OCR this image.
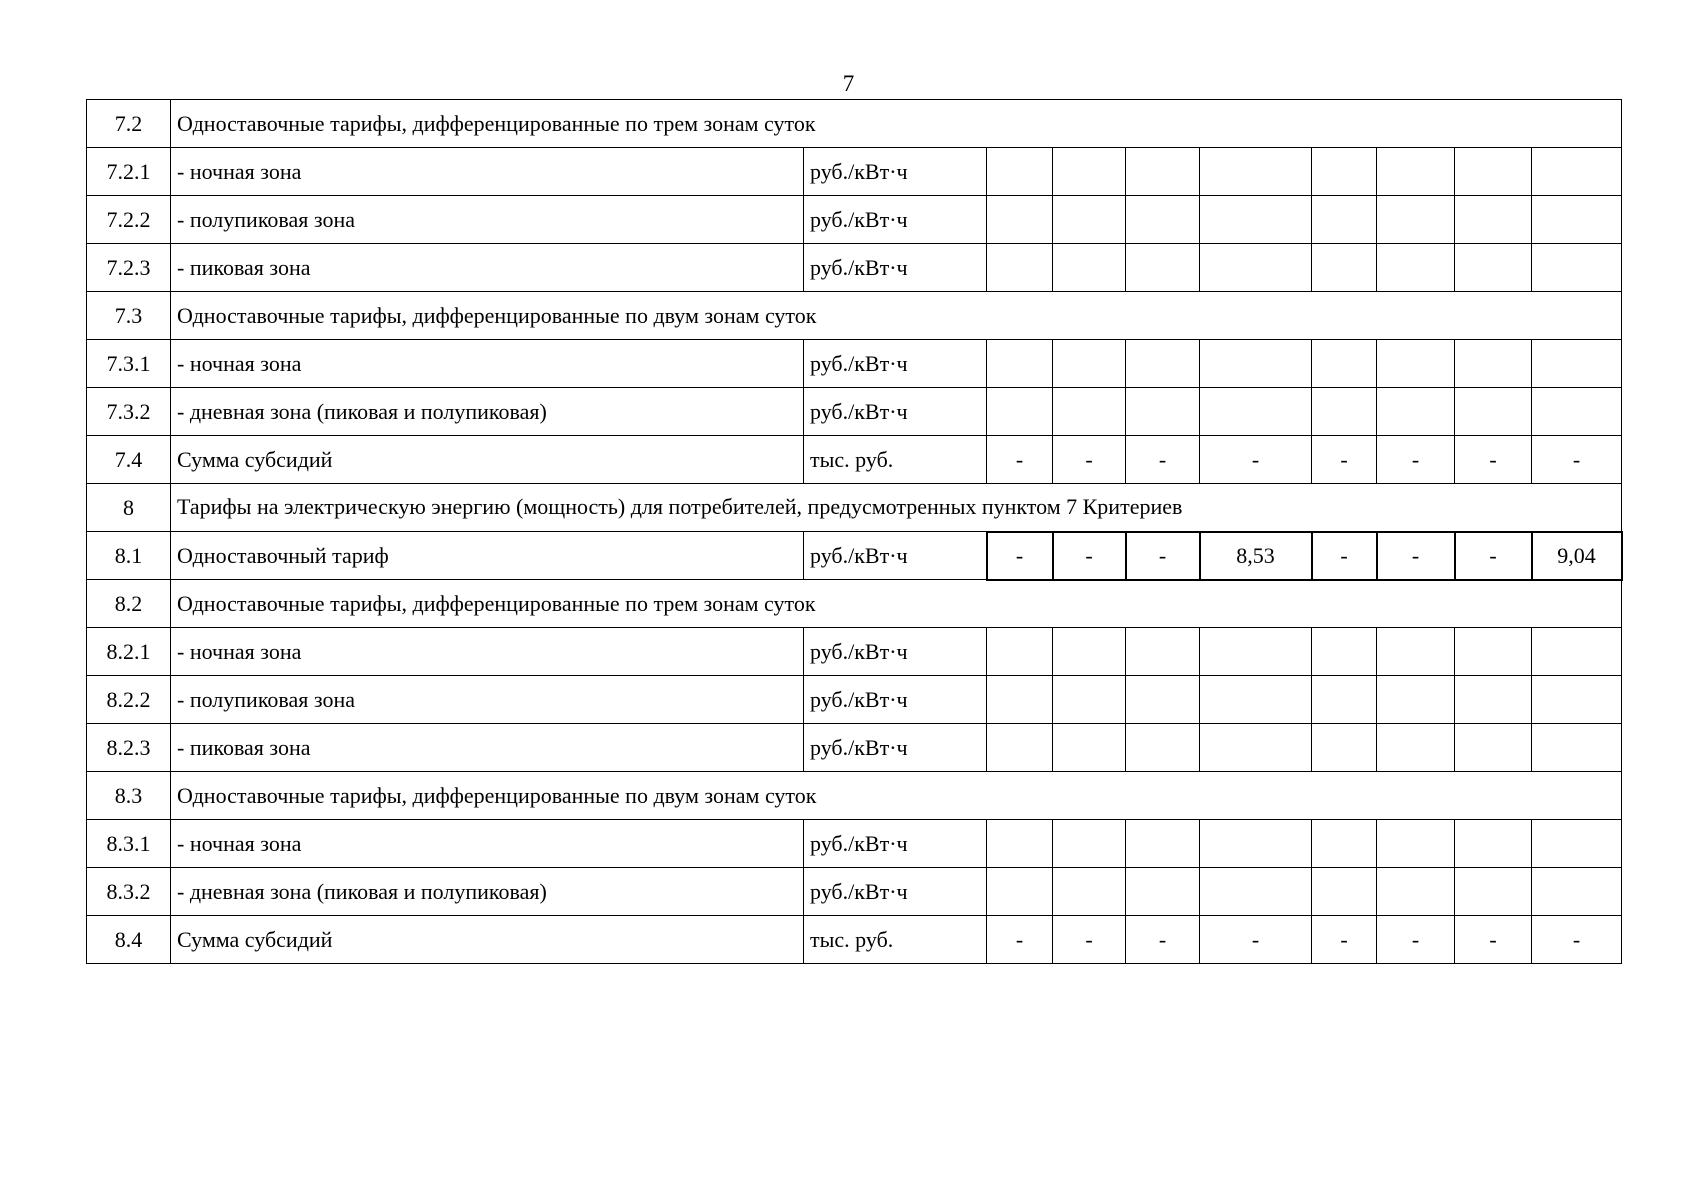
7
7.2	Одноставочные тарифы, дифференцированные по трем зонам суток									
7.2.1	- ночная зона	руб./кВт·ч								
7.2.2	- полупиковая зона	руб./кВт·ч								
7.2.3	- пиковая зона	руб./кВт·ч								
7.3	Одноставочные тарифы, дифференцированные по двум зонам суток									
7.3.1	- ночная зона	руб./кВт·ч								
7.3.2	- дневная зона (пиковая и полупиковая)	руб./кВт·ч								
7.4	Сумма субсидий	тыс. руб.	-	-	-	-	-	-	-	-
8	Тарифы на электрическую энергию (мощность) для потребителей, предусмотренных пунктом 7 Критериев									
8.1	Одноставочный тариф	руб./кВт·ч	-	-	-	8,53	-	-	-	9,04
8.2	Одноставочные тарифы, дифференцированные по трем зонам суток									
8.2.1	- ночная зона	руб./кВт·ч								
8.2.2	- полупиковая зона	руб./кВт·ч								
8.2.3	- пиковая зона	руб./кВт·ч								
8.3	Одноставочные тарифы, дифференцированные по двум зонам суток									
8.3.1	- ночная зона	руб./кВт·ч								
8.3.2	- дневная зона (пиковая и полупиковая)	руб./кВт·ч								
8.4	Сумма субсидий	тыс. руб.	-	-	-	-	-	-	-	-
